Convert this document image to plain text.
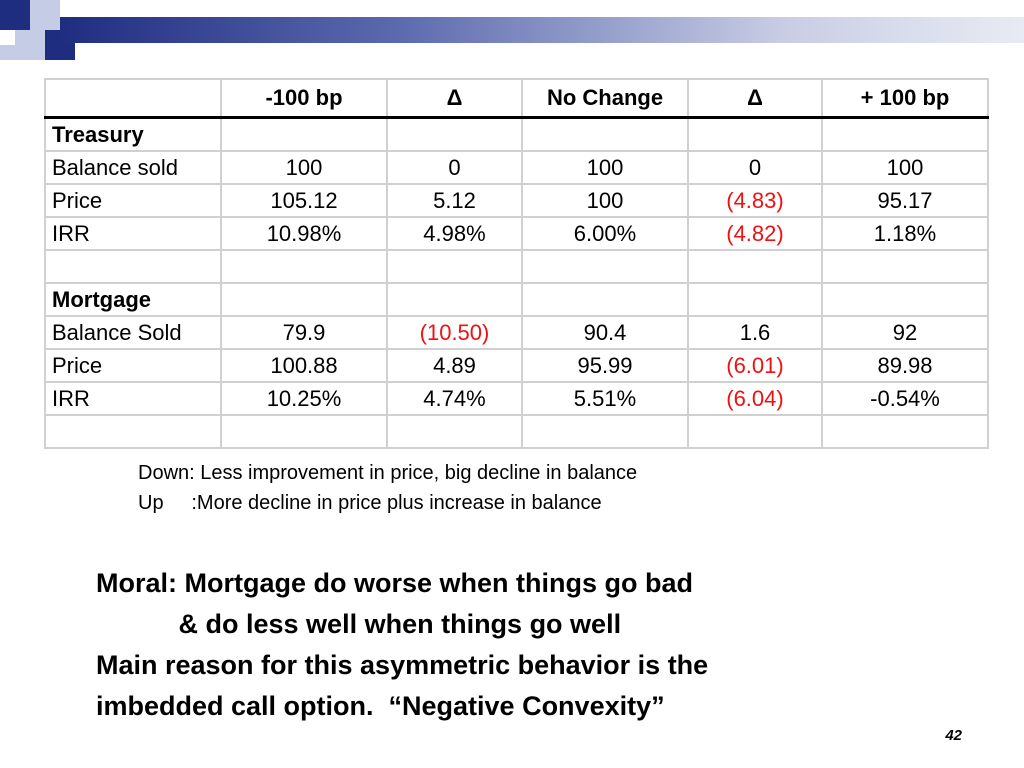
	-100 bp	Δ	No Change	Δ	+ 100 bp
Treasury					
Balance sold	100	0	100	0	100
Price	105.12	5.12	100	(4.83)	95.17
IRR	10.98%	4.98%	6.00%	(4.82)	1.18%

Mortgage					
Balance Sold	79.9	(10.50)	90.4	1.6	92
Price	100.88	4.89	95.99	(6.01)	89.98
IRR	10.25%	4.74%	5.51%	(6.04)	-0.54%

Down: Less improvement in price, big decline in balance
Up     :More decline in price plus increase in balance
Moral: Mortgage do worse when things go bad
& do less well when things go well
Main reason for this asymmetric behavior is the
imbedded call option.  “Negative Convexity”
42
